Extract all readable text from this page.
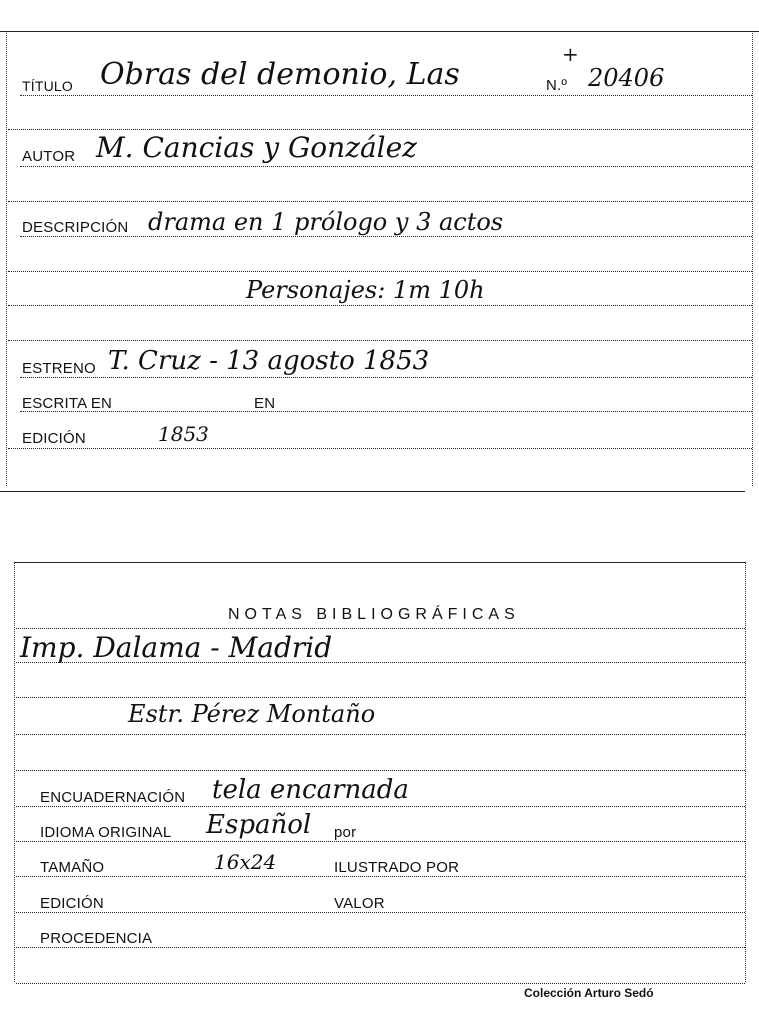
TÍTULO Obras del demonio, Las
+
N.º 20406
AUTOR M. Cancias y González
DESCRIPCIÓN drama en 1 prólogo y 3 actos
Personajes: 1m 10h
ESTRENO T. Cruz - 13 agosto 1853
ESCRITA EN	EN
EDICIÓN	1853
NOTAS BIBLIOGRÁFICAS
Imp. Dalama - Madrid
Estr. Pérez Montaño
ENCUADERNACIÓN tela encarnada
IDIOMA ORIGINAL Español por
TAMAÑO	16x24	ILUSTRADO POR
EDICIÓN	VALOR
PROCEDENCIA
Colección Arturo Sedó
